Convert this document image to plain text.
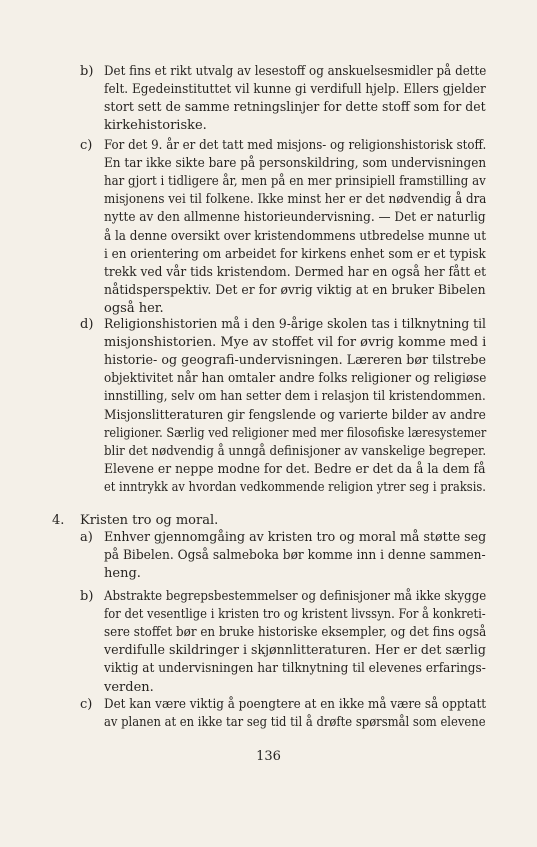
b) Det fins et rikt utvalg av lesestoff og anskuelsesmidler på dette
felt. Egedeinstituttet vil kunne gi verdifull hjelp. Ellers gjelder
stort sett de samme retningslinjer for dette stoff som for det
kirkehistoriske.
c) For det 9. år er det tatt med misjons- og religionshistorisk stoff.
En tar ikke sikte bare på personskildring, som undervisningen
har gjort i tidligere år, men på en mer prinsipiell framstilling av
misjonens vei til folkene. Ikke minst her er det nødvendig å dra
nytte av den allmenne historieundervisning. — Det er naturlig
å la denne oversikt over kristendommens utbredelse munne ut
i en orientering om arbeidet for kirkens enhet som er et typisk
trekk ved vår tids kristendom. Dermed har en også her fått et
nåtidsperspektiv. Det er for øvrig viktig at en bruker Bibelen
også her.
d) Religionshistorien må i den 9-årige skolen tas i tilknytning til
misjonshistorien. Mye av stoffet vil for øvrig komme med i
historie- og geografi-undervisningen. Læreren bør tilstrebe
objektivitet når han omtaler andre folks religioner og religiøse
innstilling, selv om han setter dem i relasjon til kristendommen.
Misjonslitteraturen gir fengslende og varierte bilder av andre
religioner. Særlig ved religioner med mer filosofiske læresystemer
blir det nødvendig å unngå definisjoner av vanskelige begreper.
Elevene er neppe modne for det. Bedre er det da å la dem få
et inntrykk av hvordan vedkommende religion ytrer seg i praksis.
4. Kristen tro og moral.
a) Enhver gjennomgåing av kristen tro og moral må støtte seg
på Bibelen. Også salmeboka bør komme inn i denne sammen-
heng.
b) Abstrakte begrepsbestemmelser og definisjoner må ikke skygge
for det vesentlige i kristen tro og kristent livssyn. For å konkreti-
sere stoffet bør en bruke historiske eksempler, og det fins også
verdifulle skildringer i skjønnlitteraturen. Her er det særlig
viktig at undervisningen har tilknytning til elevenes erfarings-
verden.
c) Det kan være viktig å poengtere at en ikke må være så opptatt
av planen at en ikke tar seg tid til å drøfte spørsmål som elevene
136
